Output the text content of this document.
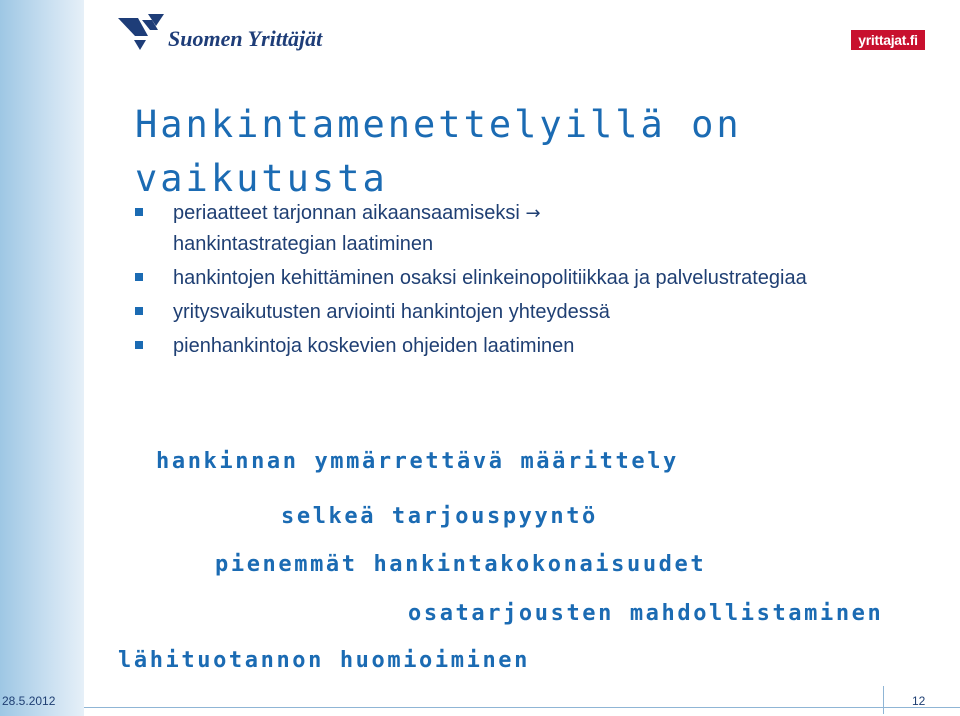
Suomen Yrittäjät	yrittajat.fi
Hankintamenettelyillä on vaikutusta
periaatteet tarjonnan aikaansaamiseksi →
hankintastrategian laatiminen
hankintojen kehittäminen osaksi elinkeinopolitiikkaa ja palvelustrategiaa
yritysvaikutusten arviointi hankintojen yhteydessä
pienhankintoja koskevien ohjeiden laatiminen

hankinnan ymmärrettävä määrittely

selkeä tarjouspyyntö

pienemmät hankintakokonaisuudet

osatarjousten mahdollistaminen

lähituotannon huomioiminen

28.5.2012	12
